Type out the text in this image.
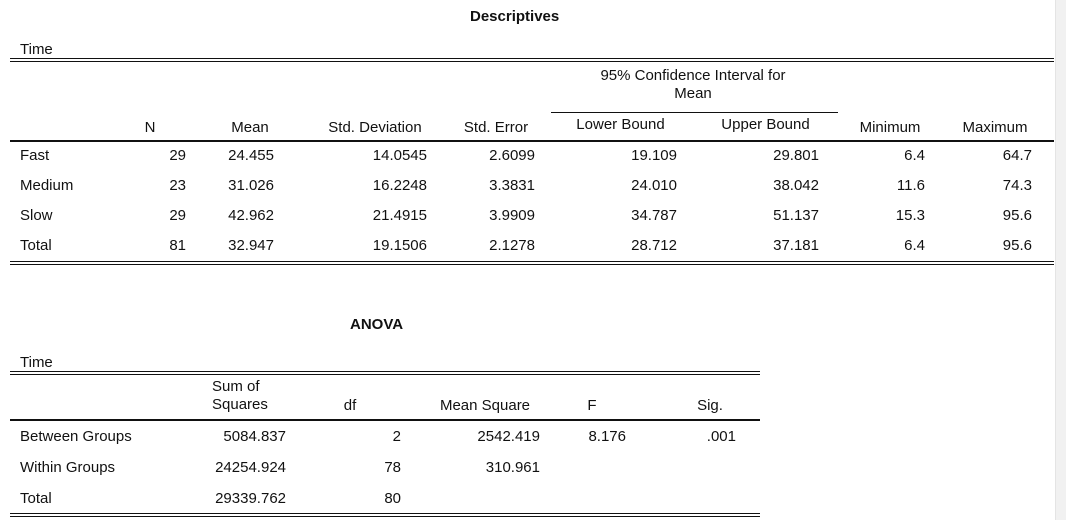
Descriptives
Time
95% Confidence Interval for
Mean
N	Mean	Std. Deviation	Std. Error	Lower Bound	Upper Bound	Minimum	Maximum
Fast	29	24.455	14.0545	2.6099	19.109	29.801	6.4	64.7
Medium	23	31.026	16.2248	3.3831	24.010	38.042	11.6	74.3
Slow	29	42.962	21.4915	3.9909	34.787	51.137	15.3	95.6
Total	81	32.947	19.1506	2.1278	28.712	37.181	6.4	95.6
ANOVA
Time
Sum of
Squares	df	Mean Square	F	Sig.
Between Groups	5084.837	2	2542.419	8.176	.001
Within Groups	24254.924	78	310.961
Total	29339.762	80
